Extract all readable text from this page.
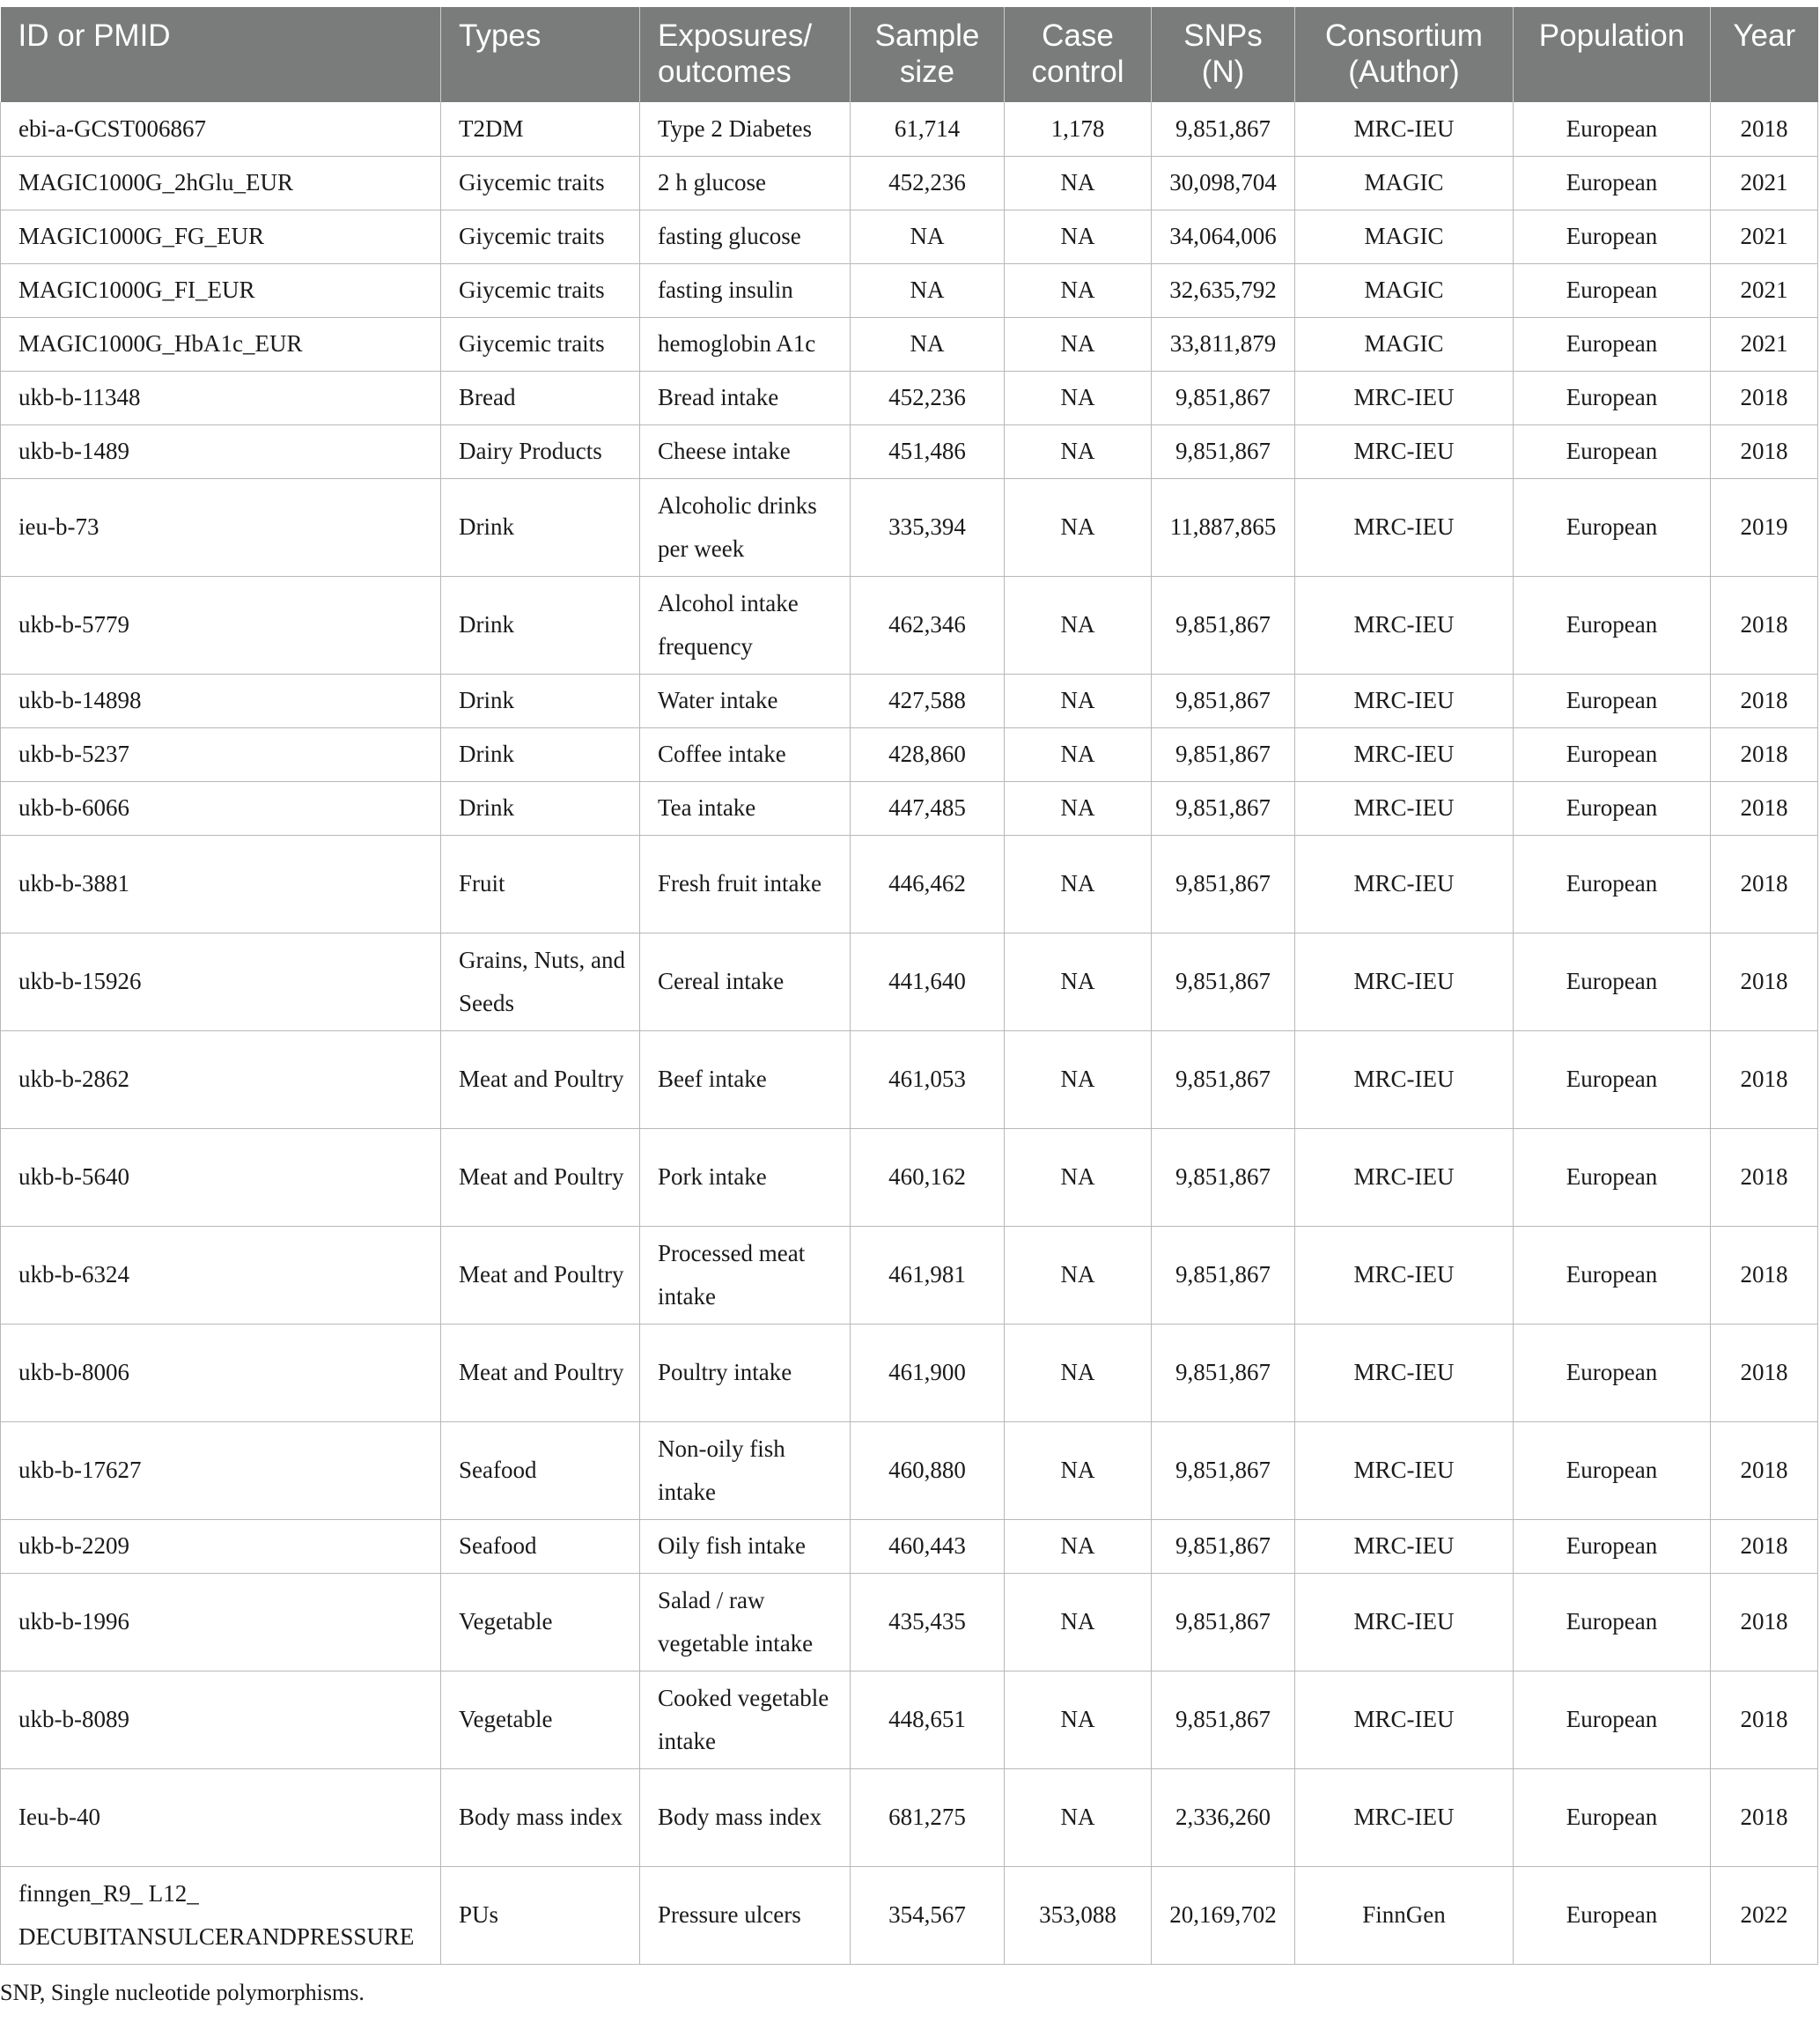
ID or PMID	Types	Exposures/ outcomes	Sample size	Case control	SNPs (N)	Consortium (Author)	Population	Year
ebi-a-GCST006867	T2DM	Type 2 Diabetes	61,714	1,178	9,851,867	MRC-IEU	European	2018
MAGIC1000G_2hGlu_EUR	Giycemic traits	2 h glucose	452,236	NA	30,098,704	MAGIC	European	2021
MAGIC1000G_FG_EUR	Giycemic traits	fasting glucose	NA	NA	34,064,006	MAGIC	European	2021
MAGIC1000G_FI_EUR	Giycemic traits	fasting insulin	NA	NA	32,635,792	MAGIC	European	2021
MAGIC1000G_HbA1c_EUR	Giycemic traits	hemoglobin A1c	NA	NA	33,811,879	MAGIC	European	2021
ukb-b-11348	Bread	Bread intake	452,236	NA	9,851,867	MRC-IEU	European	2018
ukb-b-1489	Dairy Products	Cheese intake	451,486	NA	9,851,867	MRC-IEU	European	2018
ieu-b-73	Drink	Alcoholic drinks per week	335,394	NA	11,887,865	MRC-IEU	European	2019
ukb-b-5779	Drink	Alcohol intake frequency	462,346	NA	9,851,867	MRC-IEU	European	2018
ukb-b-14898	Drink	Water intake	427,588	NA	9,851,867	MRC-IEU	European	2018
ukb-b-5237	Drink	Coffee intake	428,860	NA	9,851,867	MRC-IEU	European	2018
ukb-b-6066	Drink	Tea intake	447,485	NA	9,851,867	MRC-IEU	European	2018
ukb-b-3881	Fruit	Fresh fruit intake	446,462	NA	9,851,867	MRC-IEU	European	2018
ukb-b-15926	Grains, Nuts, and Seeds	Cereal intake	441,640	NA	9,851,867	MRC-IEU	European	2018
ukb-b-2862	Meat and Poultry	Beef intake	461,053	NA	9,851,867	MRC-IEU	European	2018
ukb-b-5640	Meat and Poultry	Pork intake	460,162	NA	9,851,867	MRC-IEU	European	2018
ukb-b-6324	Meat and Poultry	Processed meat intake	461,981	NA	9,851,867	MRC-IEU	European	2018
ukb-b-8006	Meat and Poultry	Poultry intake	461,900	NA	9,851,867	MRC-IEU	European	2018
ukb-b-17627	Seafood	Non-oily fish intake	460,880	NA	9,851,867	MRC-IEU	European	2018
ukb-b-2209	Seafood	Oily fish intake	460,443	NA	9,851,867	MRC-IEU	European	2018
ukb-b-1996	Vegetable	Salad / raw vegetable intake	435,435	NA	9,851,867	MRC-IEU	European	2018
ukb-b-8089	Vegetable	Cooked vegetable intake	448,651	NA	9,851,867	MRC-IEU	European	2018
Ieu-b-40	Body mass index	Body mass index	681,275	NA	2,336,260	MRC-IEU	European	2018
finngen_R9_ L12_ DECUBITANSULCERANDPRESSURE	PUs	Pressure ulcers	354,567	353,088	20,169,702	FinnGen	European	2022
SNP, Single nucleotide polymorphisms.
